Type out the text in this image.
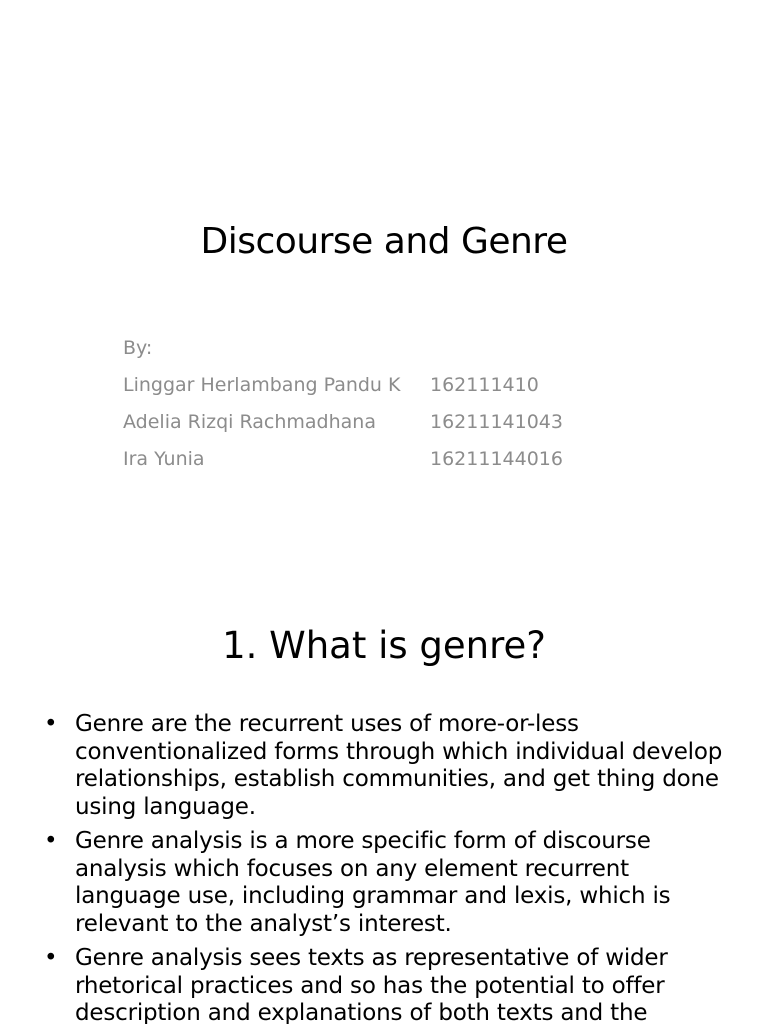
Discourse and Genre
By:
Linggar Herlambang Pandu K	162111410
Adelia Rizqi Rachmadhana	16211141043
Ira Yunia	16211144016
1. What is genre?
• Genre are the recurrent uses of more-or-less conventionalized forms through which individual develop relationships, establish communities, and get thing done using language.
• Genre analysis is a more specific form of discourse analysis which focuses on any element recurrent language use, including grammar and lexis, which is relevant to the analyst’s interest.
• Genre analysis sees texts as representative of wider rhetorical practices and so has the potential to offer description and explanations of both texts and the
